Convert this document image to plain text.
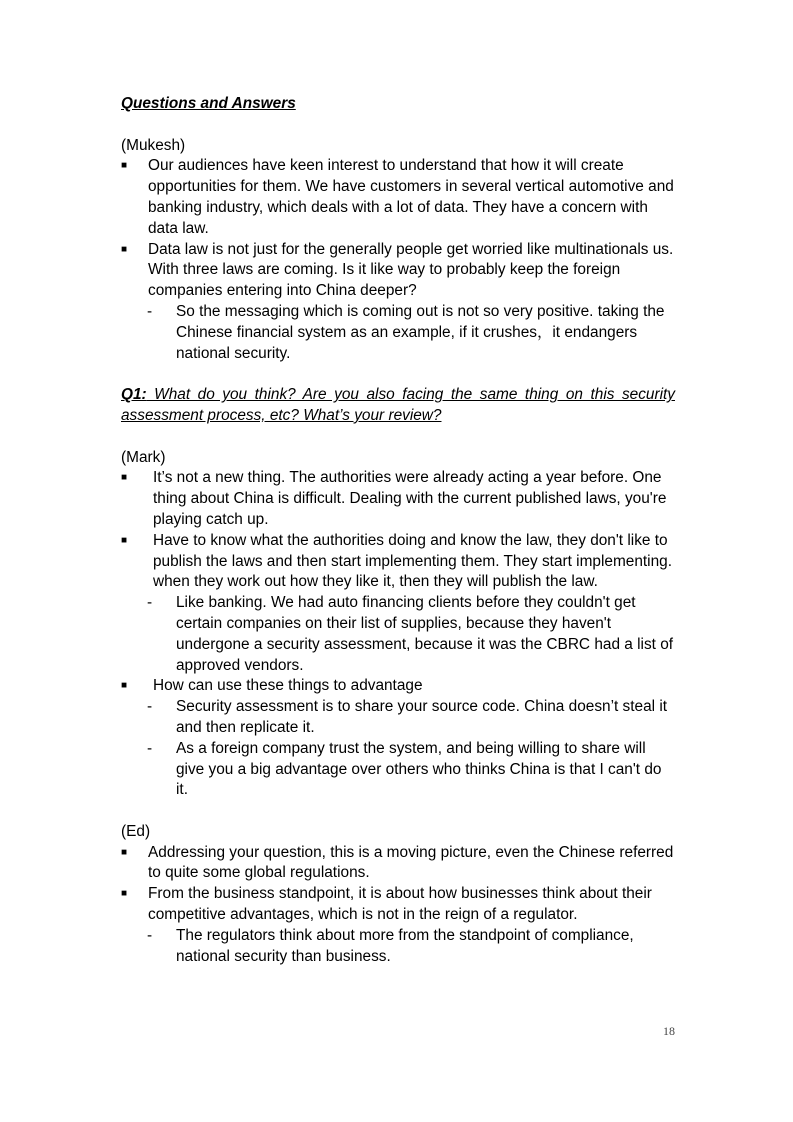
Questions and Answers

(Mukesh)

■ Our audiences have keen interest to understand that how it will create opportunities for them. We have customers in several vertical automotive and banking industry, which deals with a lot of data. They have a concern with data law.

■ Data law is not just for the generally people get worried like multinationals us. With three laws are coming. Is it like way to probably keep the foreign companies entering into China deeper?

- So the messaging which is coming out is not so very positive. taking the Chinese financial system as an example, if it crushes，it endangers national security.

Q1: What do you think? Are you also facing the same thing on this security assessment process, etc? What’s your review?

(Mark)

■ It’s not a new thing. The authorities were already acting a year before. One thing about China is difficult. Dealing with the current published laws, you're playing catch up.

■ Have to know what the authorities doing and know the law, they don't like to publish the laws and then start implementing them. They start implementing. when they work out how they like it, then they will publish the law.

- Like banking. We had auto financing clients before they couldn't get certain companies on their list of supplies, because they haven't undergone a security assessment, because it was the CBRC had a list of approved vendors.

■ How can use these things to advantage

- Security assessment is to share your source code. China doesn’t steal it and then replicate it.

- As a foreign company trust the system, and being willing to share will give you a big advantage over others who thinks China is that I can't do it.

(Ed)

■ Addressing your question, this is a moving picture, even the Chinese referred to quite some global regulations.

■ From the business standpoint, it is about how businesses think about their competitive advantages, which is not in the reign of a regulator.

- The regulators think about more from the standpoint of compliance, national security than business.

18
